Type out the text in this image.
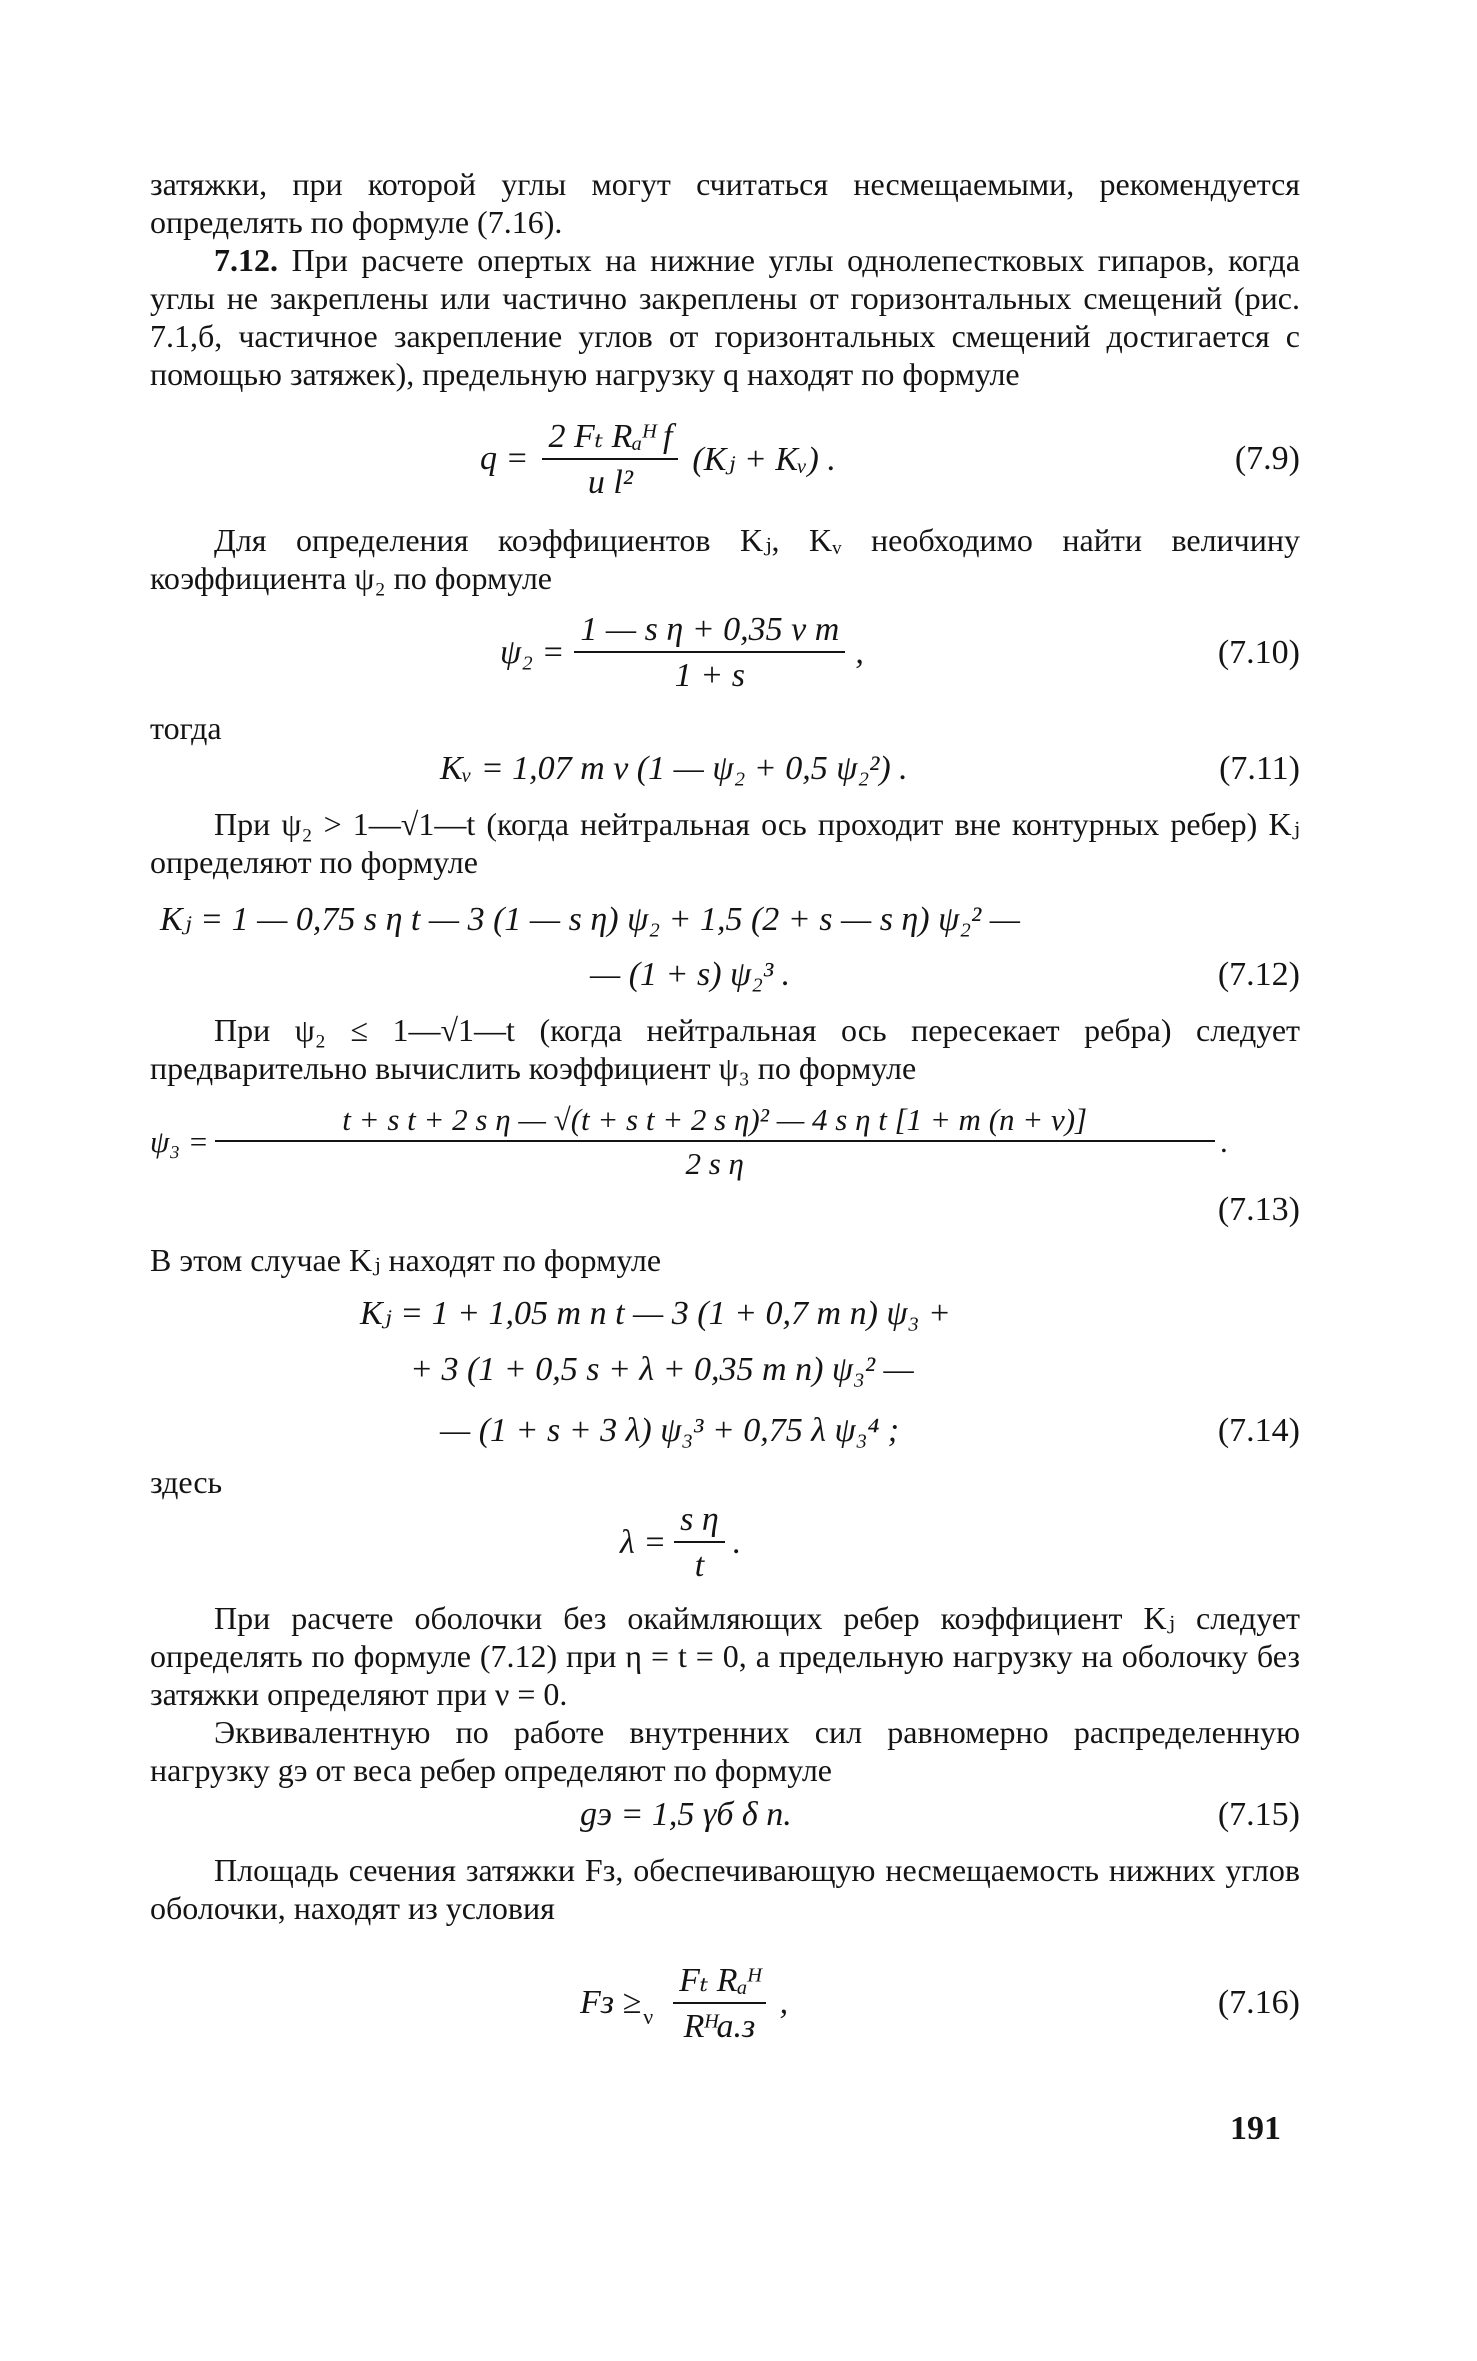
затяжки, при которой углы могут считаться несмещаемыми, рекомендуется определять по формуле (7.16).

7.12. При расчете опертых на нижние углы однолепестковых гипаров, когда углы не закреплены или частично закреплены от горизонтальных смещений (рис. 7.1,б, частичное закрепление углов от горизонтальных смещений достигается с помощью затяжек), предельную нагрузку q находят по формуле

$q = \frac{\text{2 Fₜ Rₐᴴ f}}{\text{u l²}}$ (Kⱼ + Kᵥ) .	(7.9)

Для определения коэффициентов Kⱼ, Kᵥ необходимо найти величину коэффициента ψ₂ по формуле

$\psi_2 = \frac{\text{1 — s η + 0,35 ν m}}{1 + s}$ ,	(7.10)

тогда

Kᵥ = 1,07 m ν (1 — ψ₂ + 0,5 ψ₂²) .	(7.11)

При ψ₂ > 1—√1—t (когда нейтральная ось проходит вне контурных ребер) Kⱼ определяют по формуле

Kⱼ = 1 — 0,75 s η t — 3 (1 — s η) ψ₂ + 1,5 (2 + s — s η) ψ₂² —
— (1 + s) ψ₂³ .	(7.12)

При ψ₂ ≤ 1—√1—t (когда нейтральная ось пересекает ребра) следует предварительно вычислить коэффициент ψ₃ по формуле

ψ₃ =
t + s t + 2 s η — √(t + s t + 2 s η)² — 4 s η t [1 + m (n + ν)]
2 s η
.
(7.13)

В этом случае Kⱼ находят по формуле

Kⱼ = 1 + 1,05 m n t — 3 (1 + 0,7 m n) ψ₃ +
+ 3 (1 + 0,5 s + λ + 0,35 m n) ψ₃² —
— (1 + s + 3 λ) ψ₃³ + 0,75 λ ψ₃⁴ ;	(7.14)

здесь

$\lambda = \frac{\text{s η}}{t}$ .

При расчете оболочки без окаймляющих ребер коэффициент Kⱼ следует определять по формуле (7.12) при η = t = 0, а предельную нагрузку на оболочку без затяжки определяют при ν = 0.

Эквивалентную по работе внутренних сил равномерно распределенную нагрузку gэ от веса ребер определяют по формуле

gэ = 1,5 γб δ n.	(7.15)

Площадь сечения затяжки Fз, обеспечивающую несмещаемость нижних углов оболочки, находят из условия

Fз ≥ ν $\frac{\text{Fₜ Rₐᴴ}}{\text{Rᴴа.з}}$ ,	(7.16)
191
